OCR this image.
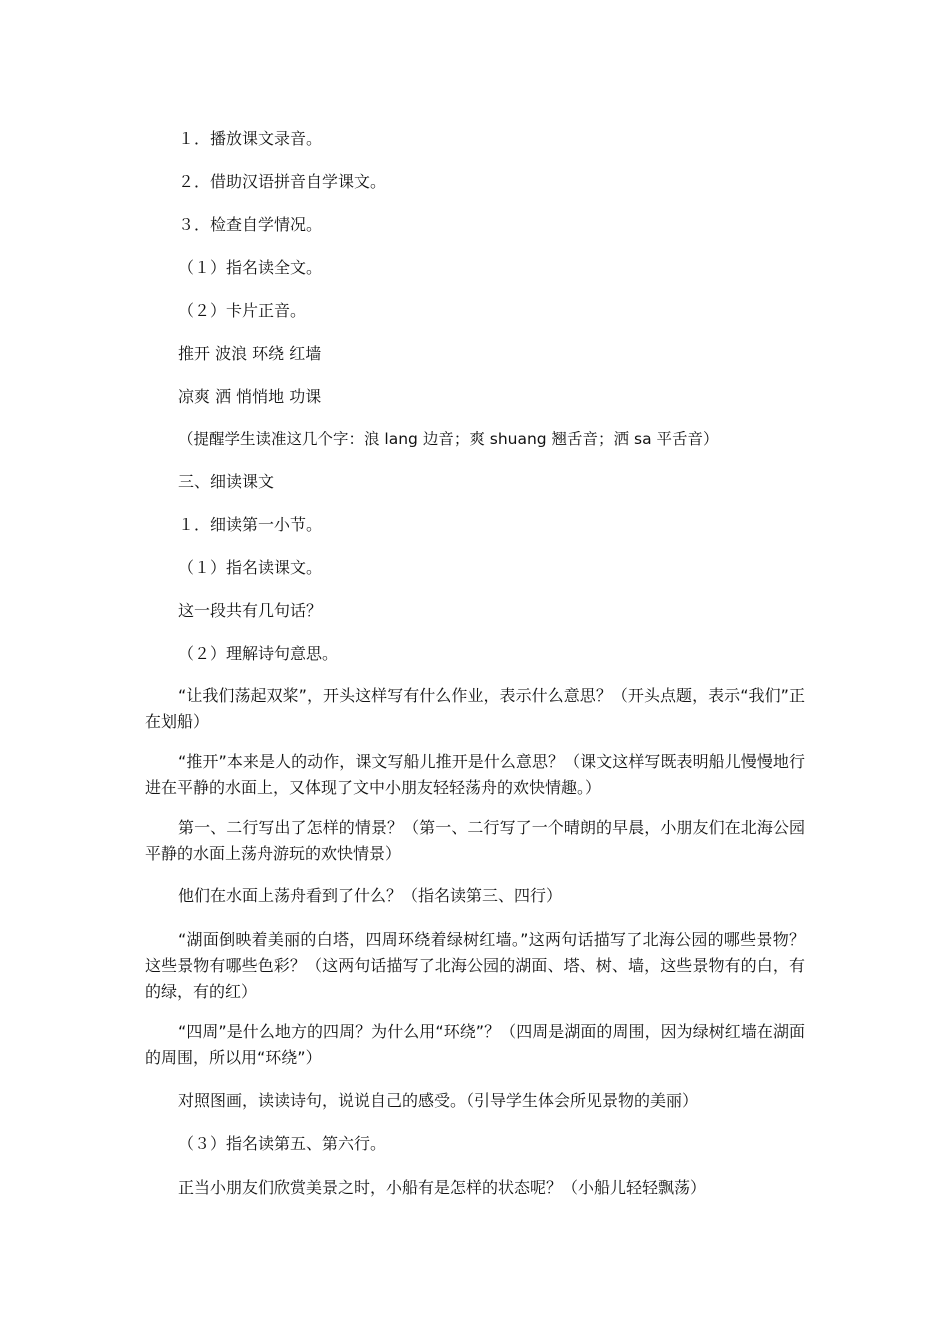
１．播放课文录音。

２．借助汉语拼音自学课文。

３．检查自学情况。

（１）指名读全文。

（２）卡片正音。

推开 波浪 环绕 红墙

凉爽 洒 悄悄地 功课

（提醒学生读准这几个字：浪 lang 边音；爽 shuang 翘舌音；洒 sa 平舌音）

三、细读课文

１．细读第一小节。

（１）指名读课文。

这一段共有几句话？

（２）理解诗句意思。

“让我们荡起双桨”，开头这样写有什么作业，表示什么意思？（开头点题，表示“我们”正在划船）

“推开”本来是人的动作，课文写船儿推开是什么意思？（课文这样写既表明船儿慢慢地行进在平静的水面上，又体现了文中小朋友轻轻荡舟的欢快情趣。）

第一、二行写出了怎样的情景？（第一、二行写了一个晴朗的早晨，小朋友们在北海公园平静的水面上荡舟游玩的欢快情景）

他们在水面上荡舟看到了什么？（指名读第三、四行）

“湖面倒映着美丽的白塔，四周环绕着绿树红墙。”这两句话描写了北海公园的哪些景物？这些景物有哪些色彩？（这两句话描写了北海公园的湖面、塔、树、墙，这些景物有的白，有的绿，有的红）

“四周”是什么地方的四周？为什么用“环绕”？（四周是湖面的周围，因为绿树红墙在湖面的周围，所以用“环绕”）

对照图画，读读诗句，说说自己的感受。（引导学生体会所见景物的美丽）

（３）指名读第五、第六行。

正当小朋友们欣赏美景之时，小船有是怎样的状态呢？（小船儿轻轻飘荡）
